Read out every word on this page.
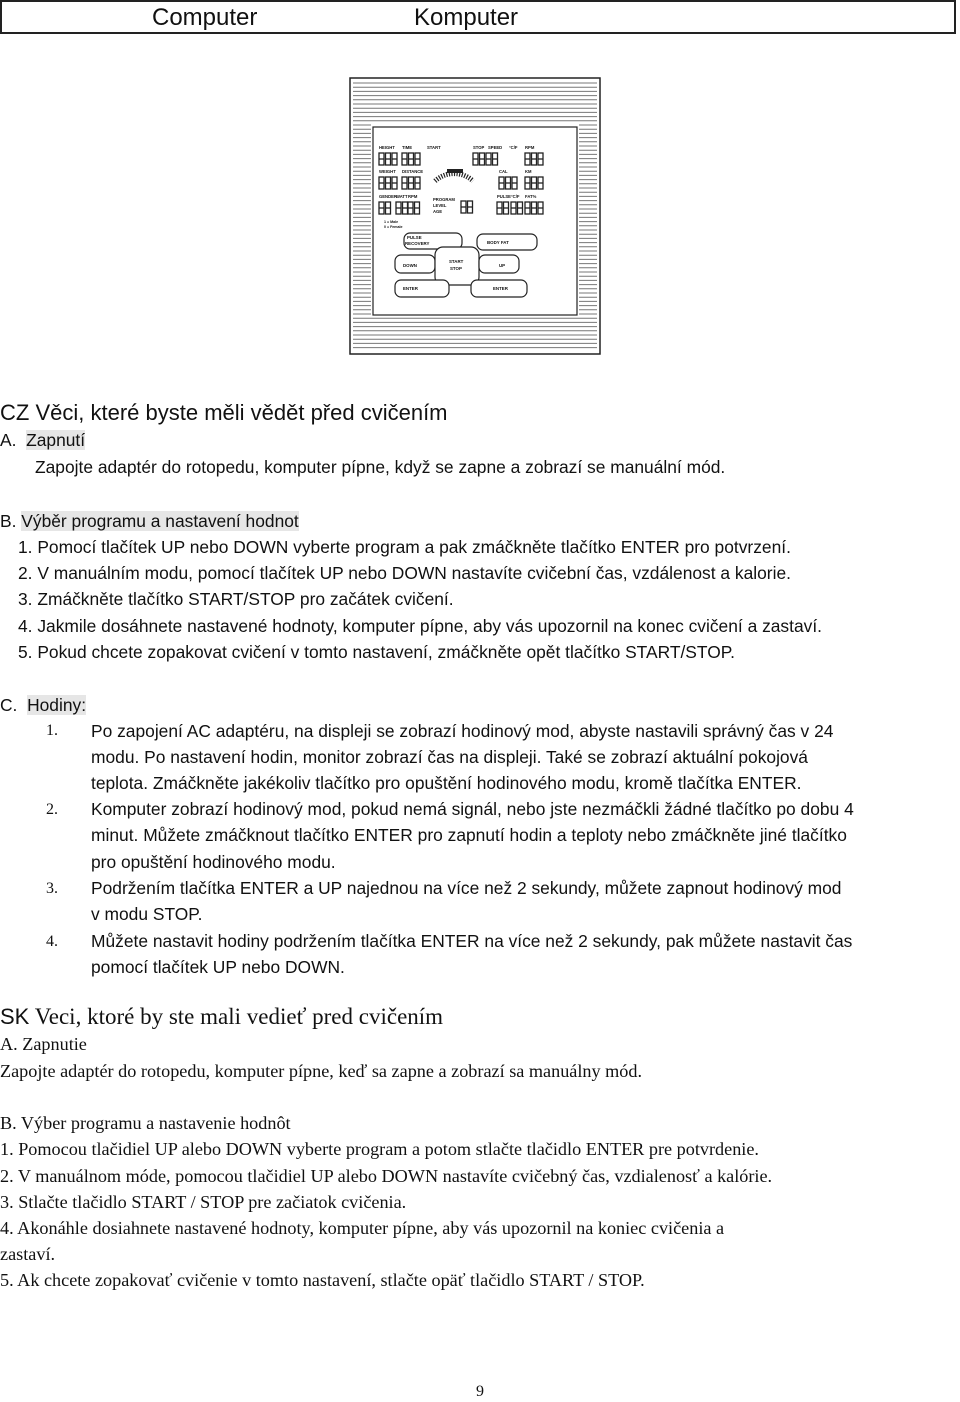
Computer	Komputer
HEIGHT TIME	START	STOP SPEED °C/F RPM
WEIGHT DISTANCE	CAL	KM
GENDER WATT RPM
PROGRAM
LEVEL
AGE
PULSE °C/F FAT%
1 = Male
0 = Female
PULSE
RECOVERY	BODY FAT
DOWN
START
STOP
UP
ENTER	ENTER
CZ Věci, které byste měli vědět před cvičením
A. Zapnutí
Zapojte adaptér do rotopedu, komputer pípne, když se zapne a zobrazí se manuální mód.
B. Výběr programu a nastavení hodnot
1. Pomocí tlačítek UP nebo DOWN vyberte program a pak zmáčkněte tlačítko ENTER pro potvrzení.
2. V manuálním modu, pomocí tlačítek UP nebo DOWN nastavíte cvičební čas, vzdálenost a kalorie.
3. Zmáčkněte tlačítko START/STOP pro začátek cvičení.
4. Jakmile dosáhnete nastavené hodnoty, komputer pípne, aby vás upozornil na konec cvičení a zastaví.
5. Pokud chcete zopakovat cvičení v tomto nastavení, zmáčkněte opět tlačítko START/STOP.
C. Hodiny:
1. Po zapojení AC adaptéru, na displeji se zobrazí hodinový mod, abyste nastavili správný čas v 24
modu. Po nastavení hodin, monitor zobrazí čas na displeji. Také se zobrazí aktuální pokojová
teplota. Zmáčkněte jakékoliv tlačítko pro opuštění hodinového modu, kromě tlačítka ENTER.
2. Komputer zobrazí hodinový mod, pokud nemá signál, nebo jste nezmáčkli žádné tlačítko po dobu 4
minut. Můžete zmáčknout tlačítko ENTER pro zapnutí hodin a teploty nebo zmáčkněte jiné tlačítko
pro opuštění hodinového modu.
3. Podržením tlačítka ENTER a UP najednou na více než 2 sekundy, můžete zapnout hodinový mod
v modu STOP.
4. Můžete nastavit hodiny podržením tlačítka ENTER na více než 2 sekundy, pak můžete nastavit čas
pomocí tlačítek UP nebo DOWN.
SK Veci, ktoré by ste mali vedieť pred cvičením
A. Zapnutie
Zapojte adaptér do rotopedu, komputer pípne, keď sa zapne a zobrazí sa manuálny mód.
B. Výber programu a nastavenie hodnôt
1. Pomocou tlačidiel UP alebo DOWN vyberte program a potom stlačte tlačidlo ENTER pre potvrdenie.
2. V manuálnom móde, pomocou tlačidiel UP alebo DOWN nastavíte cvičebný čas, vzdialenosť a kalórie.
3. Stlačte tlačidlo START / STOP pre začiatok cvičenia.
4. Akonáhle dosiahnete nastavené hodnoty, komputer pípne, aby vás upozornil na koniec cvičenia a
zastaví.
5. Ak chcete zopakovať cvičenie v tomto nastavení, stlačte opäť tlačidlo START / STOP.
9
